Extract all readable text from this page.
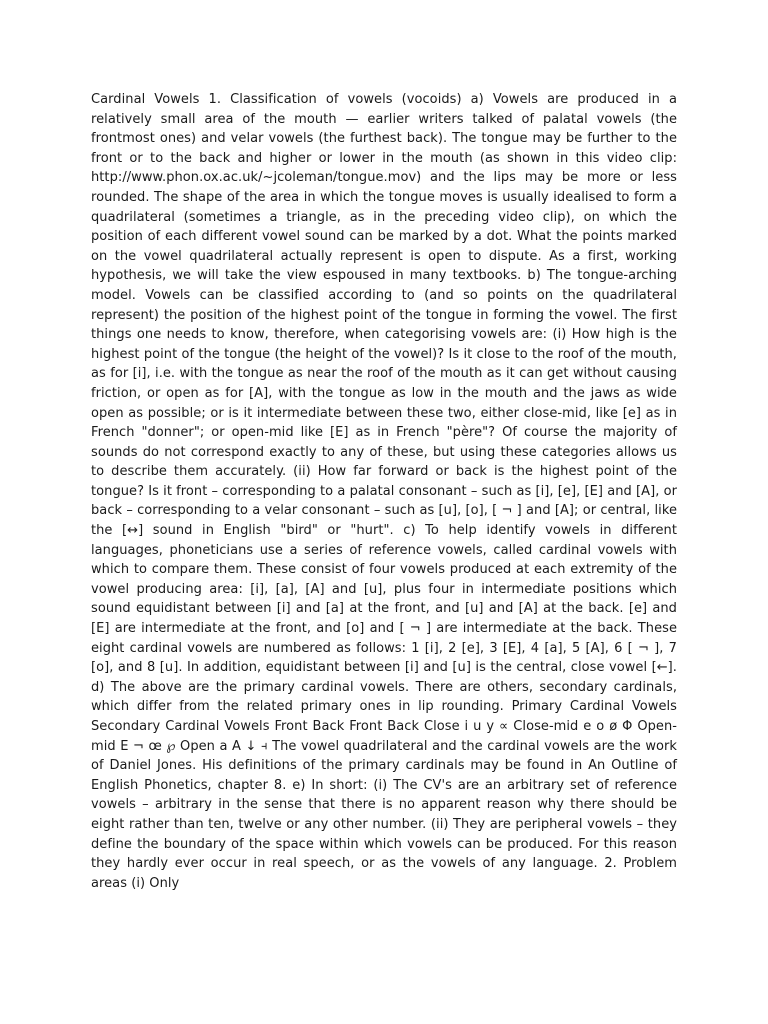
Cardinal Vowels 1. Classification of vowels (vocoids) a) Vowels are produced in a relatively small area of the mouth — earlier writers talked of palatal vowels (the frontmost ones) and velar vowels (the furthest back). The tongue may be further to the front or to the back and higher or lower in the mouth (as shown in this video clip: http://www.phon.ox.ac.uk/~jcoleman/tongue.mov) and the lips may be more or less rounded. The shape of the area in which the tongue moves is usually idealised to form a quadrilateral (sometimes a triangle, as in the preceding video clip), on which the position of each different vowel sound can be marked by a dot. What the points marked on the vowel quadrilateral actually represent is open to dispute. As a first, working hypothesis, we will take the view espoused in many textbooks. b) The tongue-arching model. Vowels can be classified according to (and so points on the quadrilateral represent) the position of the highest point of the tongue in forming the vowel. The first things one needs to know, therefore, when categorising vowels are: (i) How high is the highest point of the tongue (the height of the vowel)? Is it close to the roof of the mouth, as for [i], i.e. with the tongue as near the roof of the mouth as it can get without causing friction, or open as for [A], with the tongue as low in the mouth and the jaws as wide open as possible; or is it intermediate between these two, either close-mid, like [e] as in French "donner"; or open-mid like [E] as in French "père"? Of course the majority of sounds do not correspond exactly to any of these, but using these categories allows us to describe them accurately. (ii) How far forward or back is the highest point of the tongue? Is it front – corresponding to a palatal consonant – such as [i], [e], [E] and [A], or back – corresponding to a velar consonant – such as [u], [o], [ ¬ ] and [A]; or central, like the [↔] sound in English "bird" or "hurt". c) To help identify vowels in different languages, phoneticians use a series of reference vowels, called cardinal vowels with which to compare them. These consist of four vowels produced at each extremity of the vowel producing area: [i], [a], [A] and [u], plus four in intermediate positions which sound equidistant between [i] and [a] at the front, and [u] and [A] at the back. [e] and [E] are intermediate at the front, and [o] and [ ¬ ] are intermediate at the back. These eight cardinal vowels are numbered as follows: 1 [i], 2 [e], 3 [E], 4 [a], 5 [A], 6 [ ¬ ], 7 [o], and 8 [u]. In addition, equidistant between [i] and [u] is the central, close vowel [←]. d) The above are the primary cardinal vowels. There are others, secondary cardinals, which differ from the related primary ones in lip rounding. Primary Cardinal Vowels Secondary Cardinal Vowels Front Back Front Back Close i u y ∝ Close-mid e o ø Φ Open-mid E ¬ œ ℘ Open a A ↓ ⫞ The vowel quadrilateral and the cardinal vowels are the work of Daniel Jones. His definitions of the primary cardinals may be found in An Outline of English Phonetics, chapter 8. e) In short: (i) The CV's are an arbitrary set of reference vowels – arbitrary in the sense that there is no apparent reason why there should be eight rather than ten, twelve or any other number. (ii) They are peripheral vowels – they define the boundary of the space within which vowels can be produced. For this reason they hardly ever occur in real speech, or as the vowels of any language. 2. Problem areas (i) Only
